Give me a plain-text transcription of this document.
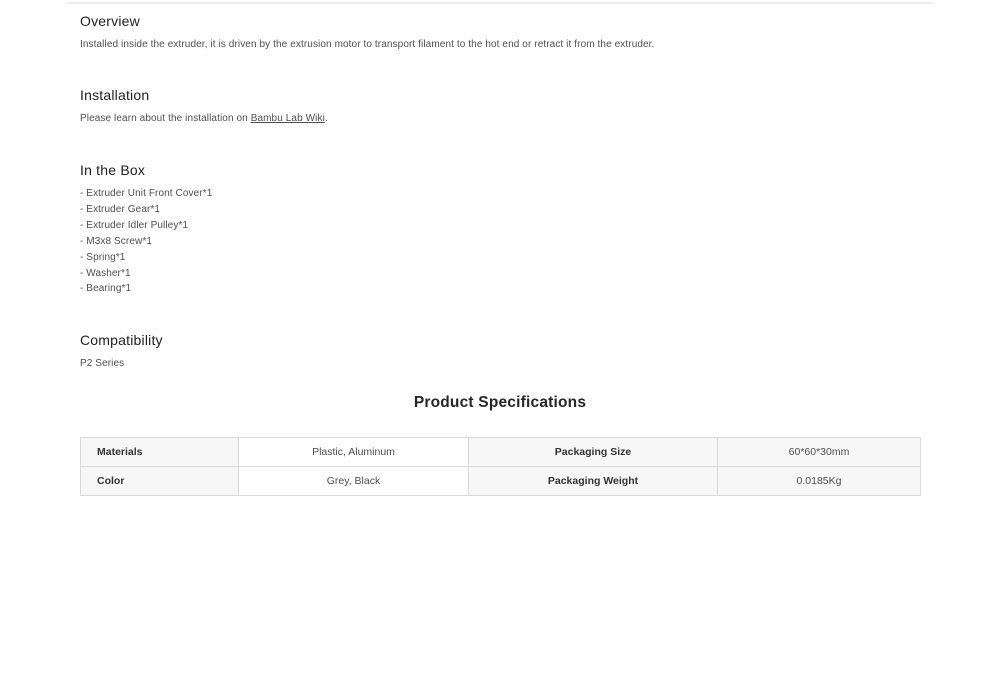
Overview
Installed inside the extruder, it is driven by the extrusion motor to transport filament to the hot end or retract it from the extruder.
Installation
Please learn about the installation on Bambu Lab Wiki.
In the Box
- Extruder Unit Front Cover*1
- Extruder Gear*1
- Extruder Idler Pulley*1
- M3x8 Screw*1
- Spring*1
- Washer*1
- Bearing*1
Compatibility
P2 Series
Product Specifications
Materials	Plastic, Aluminum	Packaging Size	60*60*30mm
Color	Grey, Black	Packaging Weight	0.0185Kg
